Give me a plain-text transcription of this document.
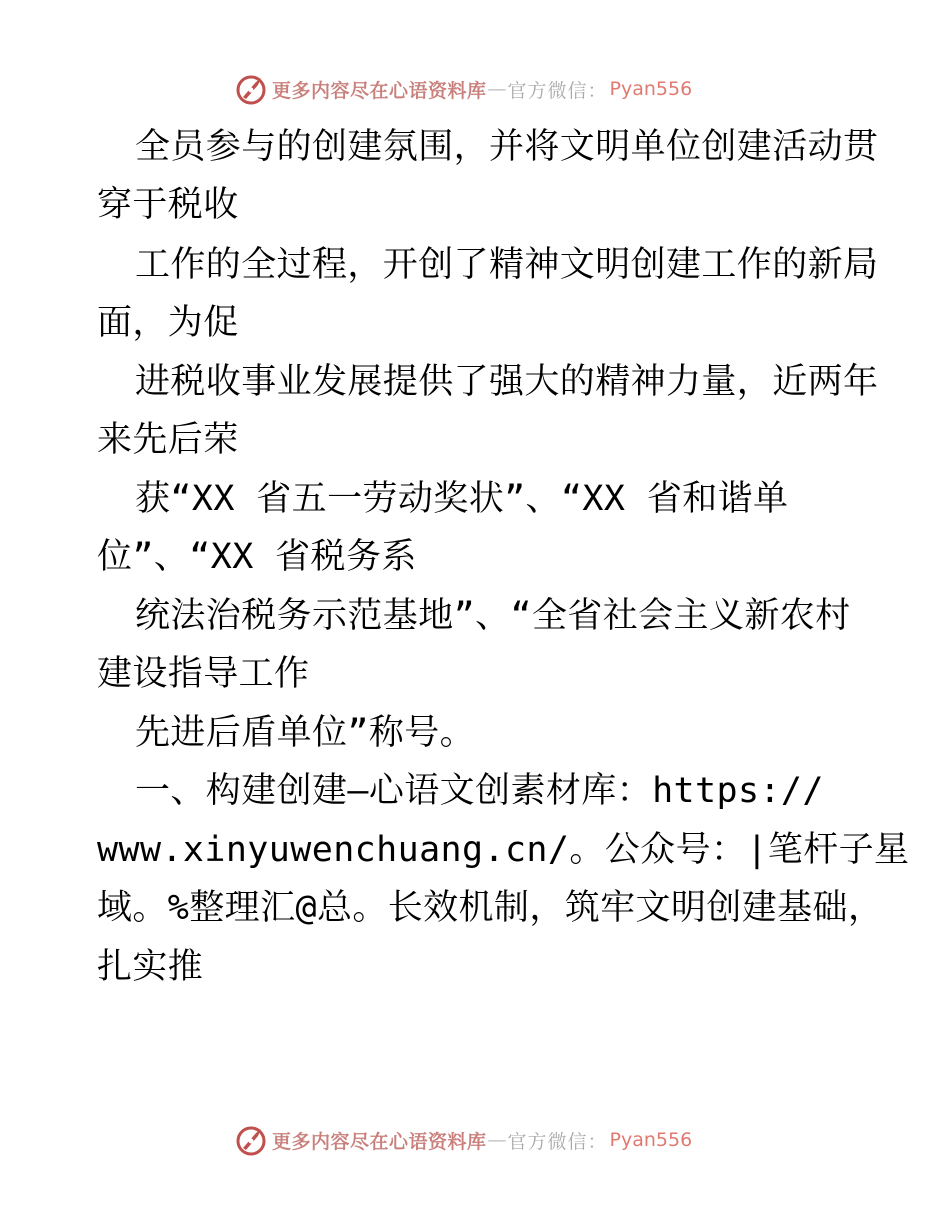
更多内容尽在心语资料库 — 官方微信： Pyan556
全员参与的创建氛围，并将文明单位创建活动贯
穿于税收
工作的全过程，开创了精神文明创建工作的新局
面，为促
进税收事业发展提供了强大的精神力量，近两年
来先后荣
获“XX 省五一劳动奖状”、“XX 省和谐单
位”、“XX 省税务系
统法治税务示范基地”、“全省社会主义新农村
建设指导工作
先进后盾单位”称号。
一、构建创建—心语文创素材库：https://
www.xinyuwenchuang.cn/。公众号：|笔杆子星
域。%整理汇@总。长效机制，筑牢文明创建基础，
扎实推
更多内容尽在心语资料库 — 官方微信： Pyan556
